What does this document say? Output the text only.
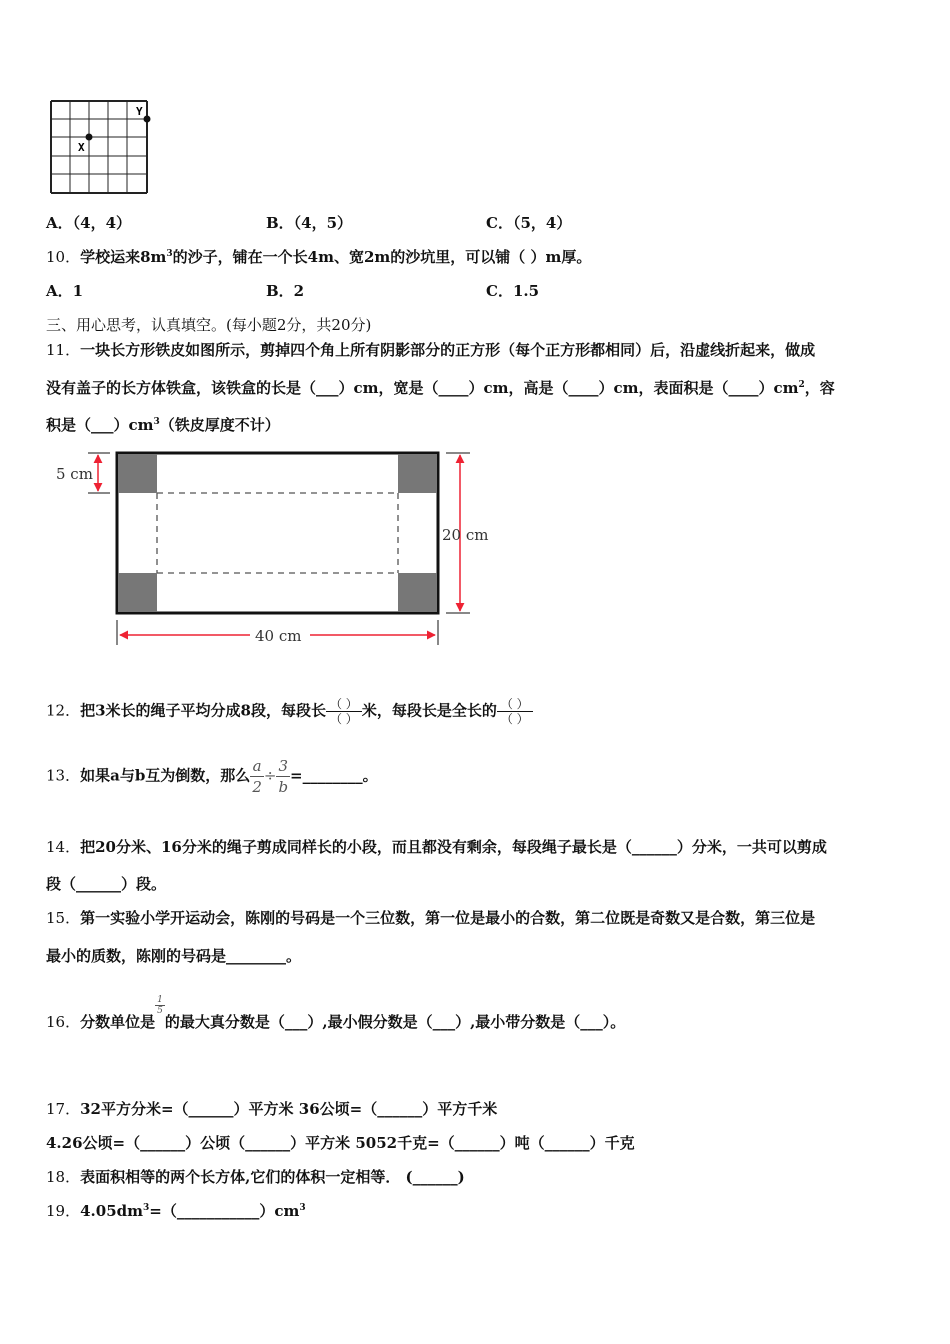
X
Y
A．（4，4）	B．（4，5）	C．（5，4）
10．学校运来$8m^3$的沙子，铺在一个长4m、宽2m的沙坑里，可以铺（ ）m厚。
A．1	B．2	C．1.5
三、用心思考，认真填空。(每小题2分，共20分)
11．一块长方形铁皮如图所示，剪掉四个角上所有阴影部分的正方形（每个正方形都相同）后，沿虚线折起来，做成
没有盖子的长方体铁盒，该铁盒的长是（___）cm，宽是（____）cm，高是（____）cm，表面积是$(\_\_\_\_)cm^2$，容
积是$(\_\_\_)cm^3$（铁皮厚度不计）
5 cm
20 cm
40 cm
12．把3米长的绳子平均分成8段，每段长 $\frac{( )}{( )}$ 米，每段长是全长的 $\frac{( )}{( )}$
13．如果a与b互为倒数，那么 $\frac{a}{2} \div \frac{3}{b}$ =________。
14．把20分米、16分米的绳子剪成同样长的小段，而且都没有剩余，每段绳子最长是（______）分米，一共可以剪成
段（______）段。
15．第一实验小学开运动会，陈刚的号码是一个三位数，第一位是最小的合数，第二位既是奇数又是合数，第三位是
最小的质数，陈刚的号码是________。
16．分数单位是
$\frac{1}{5}$
的最大真分数是（___）,最小假分数是（___）,最小带分数是（___）。
17．32平方分米=（______）平方米 36公顷=（______）平方千米
4.26公顷=（______）公顷（______）平方米 5052千克=（______）吨（______）千克
18．表面积相等的两个长方体,它们的体积一定相等． (______)
19．$4.05dm^3=(\_\_\_\_\_\_\_\_\_\_\_)cm^3$
